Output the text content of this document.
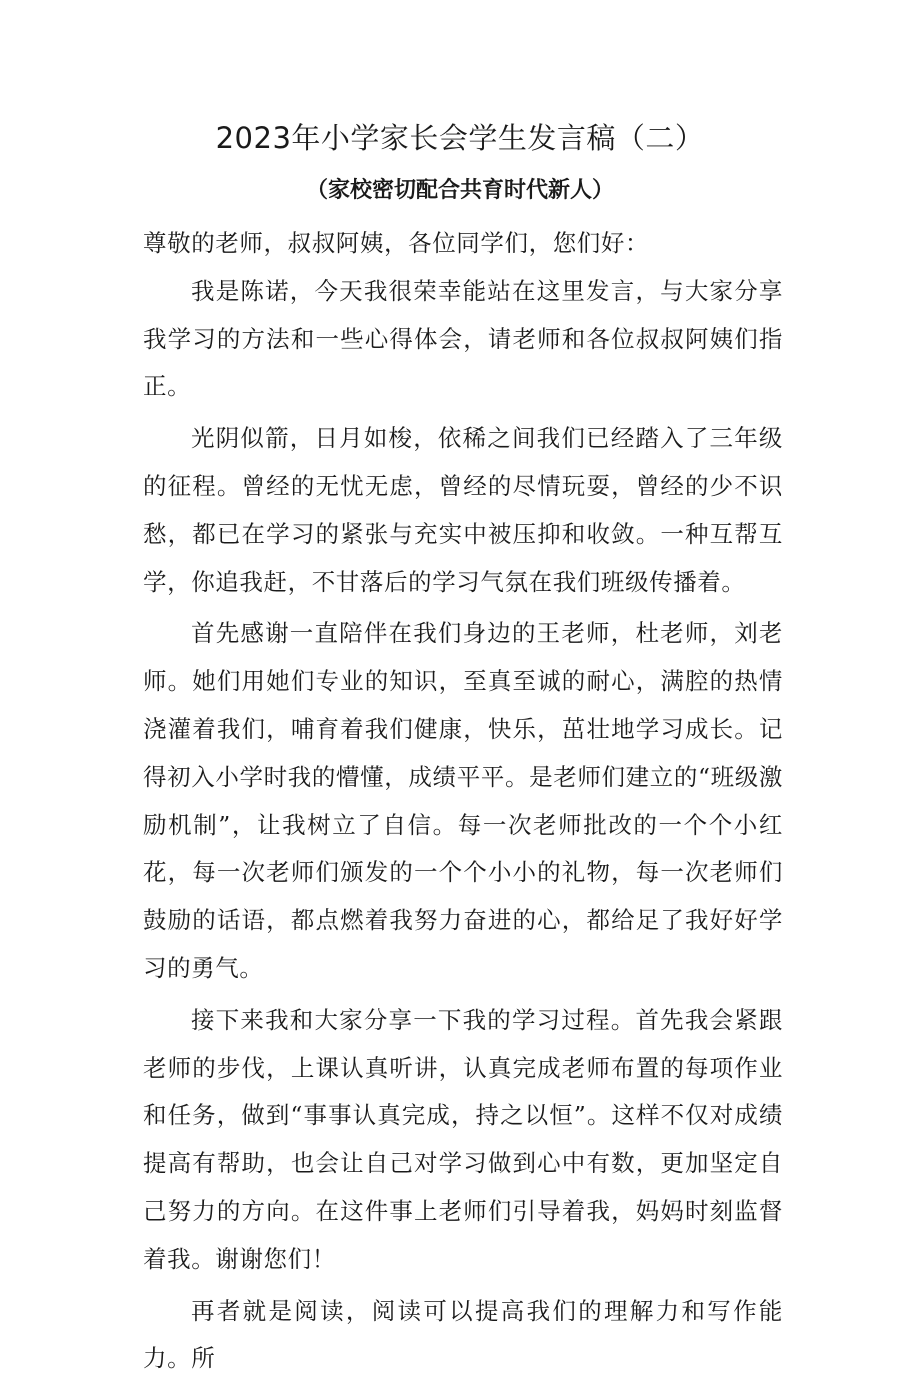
2023年小学家长会学生发言稿（二）
（家校密切配合共育时代新人）

尊敬的老师，叔叔阿姨，各位同学们，您们好：

我是陈诺，今天我很荣幸能站在这里发言，与大家分享我学习的方法和一些心得体会，请老师和各位叔叔阿姨们指正。

光阴似箭，日月如梭，依稀之间我们已经踏入了三年级的征程。曾经的无忧无虑，曾经的尽情玩耍，曾经的少不识愁，都已在学习的紧张与充实中被压抑和收敛。一种互帮互学，你追我赶，不甘落后的学习气氛在我们班级传播着。

首先感谢一直陪伴在我们身边的王老师，杜老师，刘老师。她们用她们专业的知识，至真至诚的耐心，满腔的热情浇灌着我们，哺育着我们健康，快乐，茁壮地学习成长。记得初入小学时我的懵懂，成绩平平。是老师们建立的“班级激励机制”，让我树立了自信。每一次老师批改的一个个小红花，每一次老师们颁发的一个个小小的礼物，每一次老师们鼓励的话语，都点燃着我努力奋进的心，都给足了我好好学习的勇气。

接下来我和大家分享一下我的学习过程。首先我会紧跟老师的步伐，上课认真听讲，认真完成老师布置的每项作业和任务，做到“事事认真完成，持之以恒”。这样不仅对成绩提高有帮助，也会让自己对学习做到心中有数，更加坚定自己努力的方向。在这件事上老师们引导着我，妈妈时刻监督着我。谢谢您们！

再者就是阅读，阅读可以提高我们的理解力和写作能力。所
